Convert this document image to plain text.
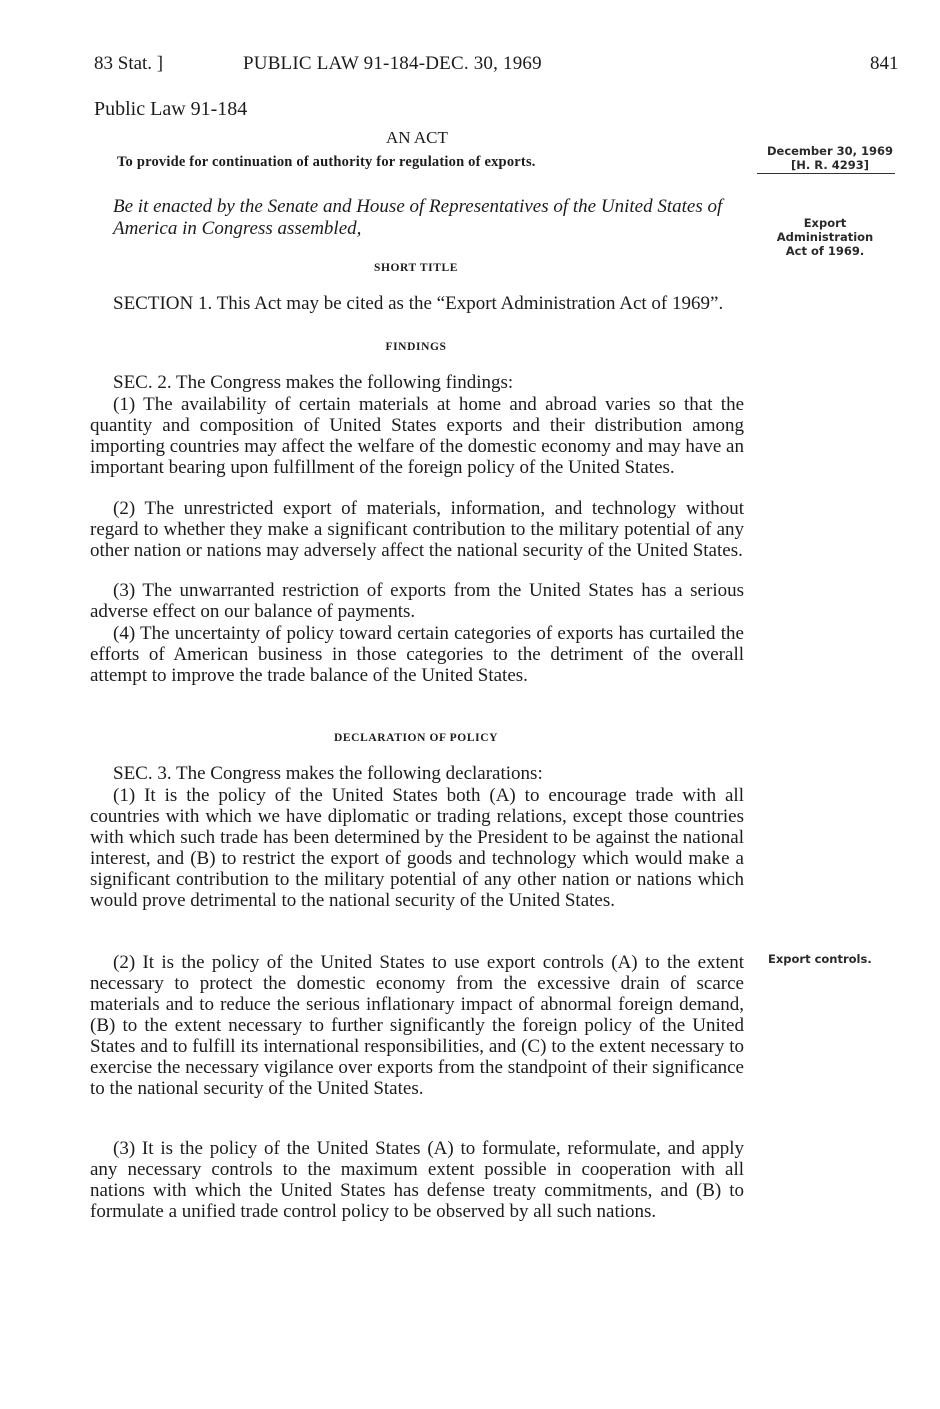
83 Stat. ]	PUBLIC LAW 91-184-DEC. 30, 1969	841
Public Law 91-184
AN ACT
To provide for continuation of authority for regulation of exports.
December 30, 1969
[H. R. 4293]
Export Administration Act of 1969.
Export controls.
Be it enacted by the Senate and House of Representatives of the United States of America in Congress assembled,
SHORT TITLE

SECTION 1. This Act may be cited as the “Export Administration Act of 1969”.

FINDINGS

SEC. 2. The Congress makes the following findings:

(1) The availability of certain materials at home and abroad varies so that the quantity and composition of United States exports and their distribution among importing countries may affect the welfare of the domestic economy and may have an important bearing upon fulfillment of the foreign policy of the United States.

(2) The unrestricted export of materials, information, and technology without regard to whether they make a significant contribution to the military potential of any other nation or nations may adversely affect the national security of the United States.

(3) The unwarranted restriction of exports from the United States has a serious adverse effect on our balance of payments.

(4) The uncertainty of policy toward certain categories of exports has curtailed the efforts of American business in those categories to the detriment of the overall attempt to improve the trade balance of the United States.

DECLARATION OF POLICY

SEC. 3. The Congress makes the following declarations:

(1) It is the policy of the United States both (A) to encourage trade with all countries with which we have diplomatic or trading relations, except those countries with which such trade has been determined by the President to be against the national interest, and (B) to restrict the export of goods and technology which would make a significant contribution to the military potential of any other nation or nations which would prove detrimental to the national security of the United States.

(2) It is the policy of the United States to use export controls (A) to the extent necessary to protect the domestic economy from the excessive drain of scarce materials and to reduce the serious inflationary impact of abnormal foreign demand, (B) to the extent necessary to further significantly the foreign policy of the United States and to fulfill its international responsibilities, and (C) to the extent necessary to exercise the necessary vigilance over exports from the standpoint of their significance to the national security of the United States.

(3) It is the policy of the United States (A) to formulate, reformulate, and apply any necessary controls to the maximum extent possible in cooperation with all nations with which the United States has defense treaty commitments, and (B) to formulate a unified trade control policy to be observed by all such nations.
